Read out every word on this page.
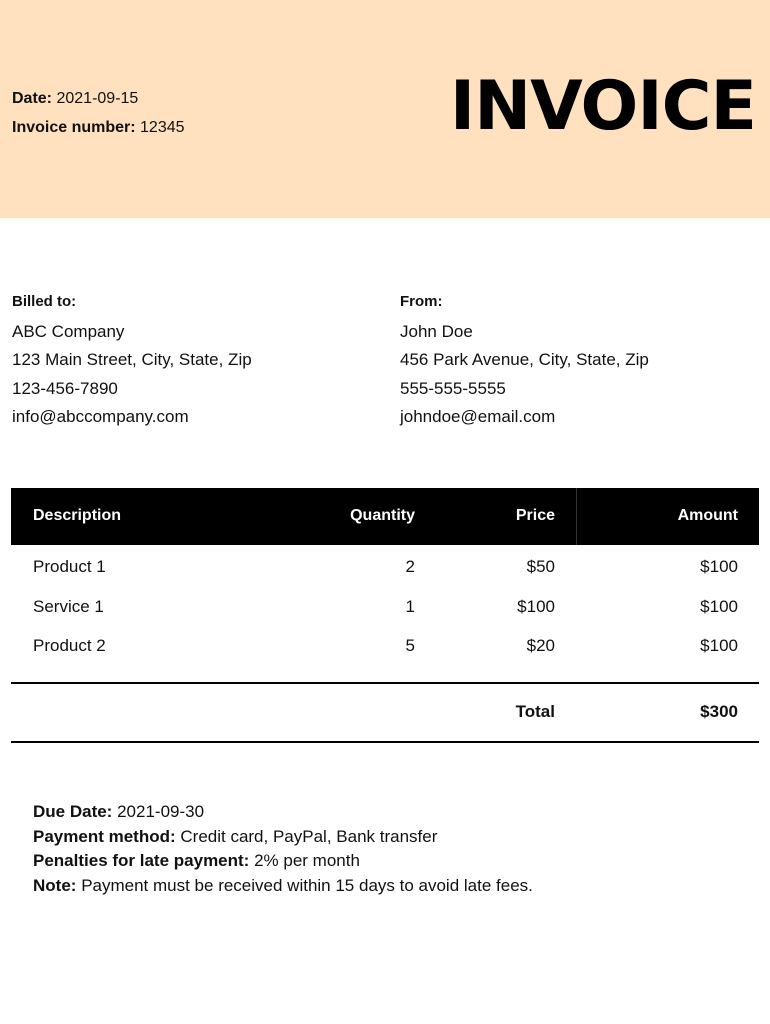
Date: 2021-09-15
Invoice number: 12345	INVOICE
Billed to:
ABC Company
123 Main Street, City, State, Zip
123-456-7890
info@abccompany.com
From:
John Doe
456 Park Avenue, City, State, Zip
555-555-5555
johndoe@email.com
Description	Quantity	Price	Amount
Product 1	2	$50	$100
Service 1	1	$100	$100
Product 2	5	$20	$100
Total	$300
Due Date: 2021-09-30
Payment method: Credit card, PayPal, Bank transfer
Penalties for late payment: 2% per month
Note: Payment must be received within 15 days to avoid late fees.
